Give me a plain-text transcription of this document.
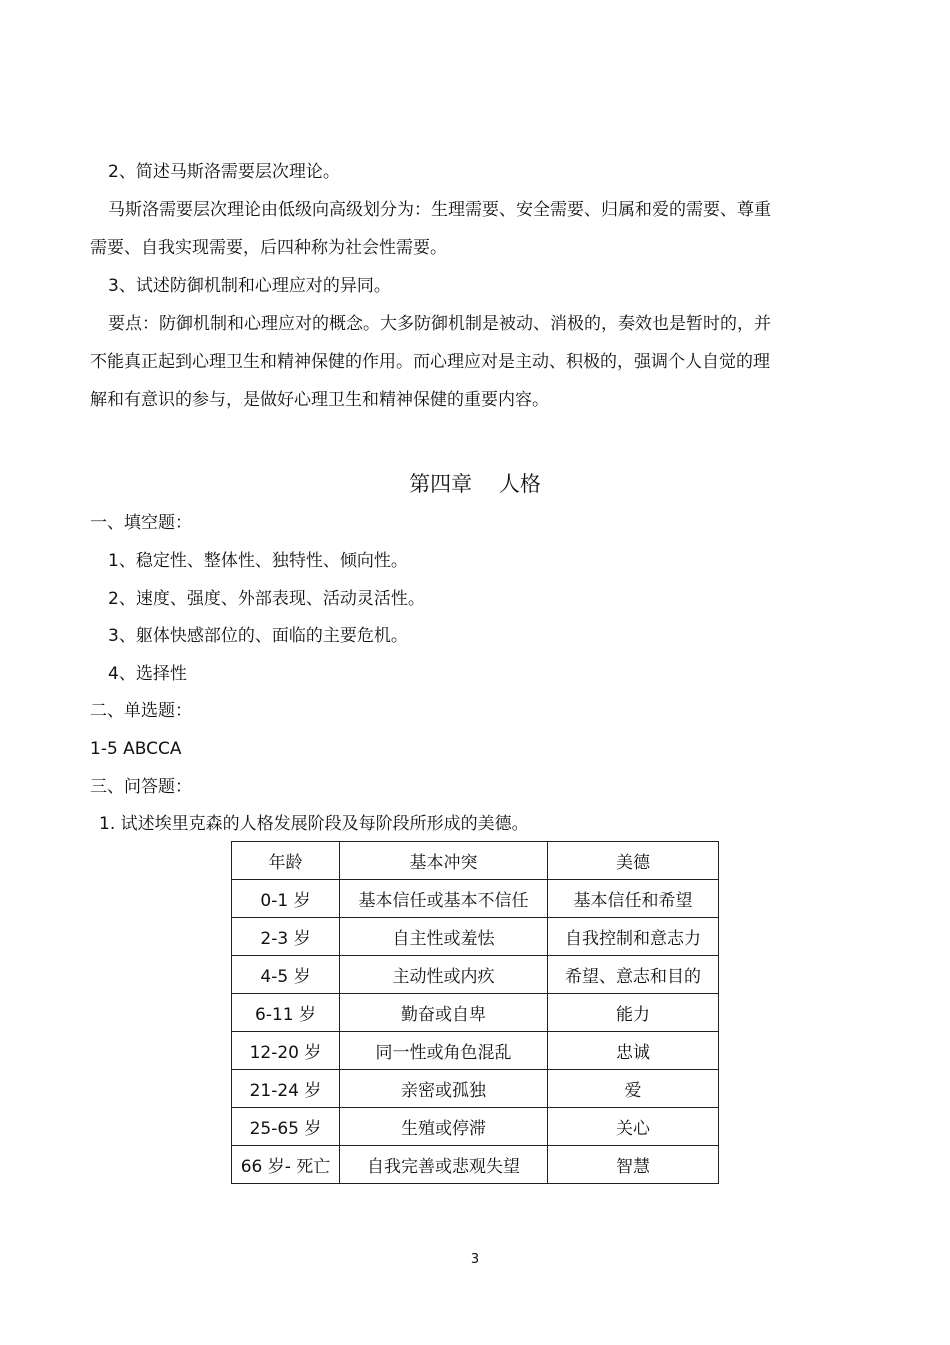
2、简述马斯洛需要层次理论。
马斯洛需要层次理论由低级向高级划分为：生理需要、安全需要、归属和爱的需要、尊重
需要、自我实现需要，后四种称为社会性需要。
3、试述防御机制和心理应对的异同。
要点：防御机制和心理应对的概念。大多防御机制是被动、消极的，奏效也是暂时的，并
不能真正起到心理卫生和精神保健的作用。而心理应对是主动、积极的，强调个人自觉的理
解和有意识的参与，是做好心理卫生和精神保健的重要内容。
第四章    人格
一、填空题：
1、稳定性、整体性、独特性、倾向性。
2、速度、强度、外部表现、活动灵活性。
3、躯体快感部位的、面临的主要危机。
4、选择性
二、单选题：
1-5 ABCCA
三、问答题：
1. 试述埃里克森的人格发展阶段及每阶段所形成的美德。
年龄	基本冲突	美德
0-1 岁	基本信任或基本不信任	基本信任和希望
2-3 岁	自主性或羞怯	自我控制和意志力
4-5 岁	主动性或内疚	希望、意志和目的
6-11 岁	勤奋或自卑	能力
12-20 岁	同一性或角色混乱	忠诚
21-24 岁	亲密或孤独	爱
25-65 岁	生殖或停滞	关心
66 岁- 死亡	自我完善或悲观失望	智慧
3
